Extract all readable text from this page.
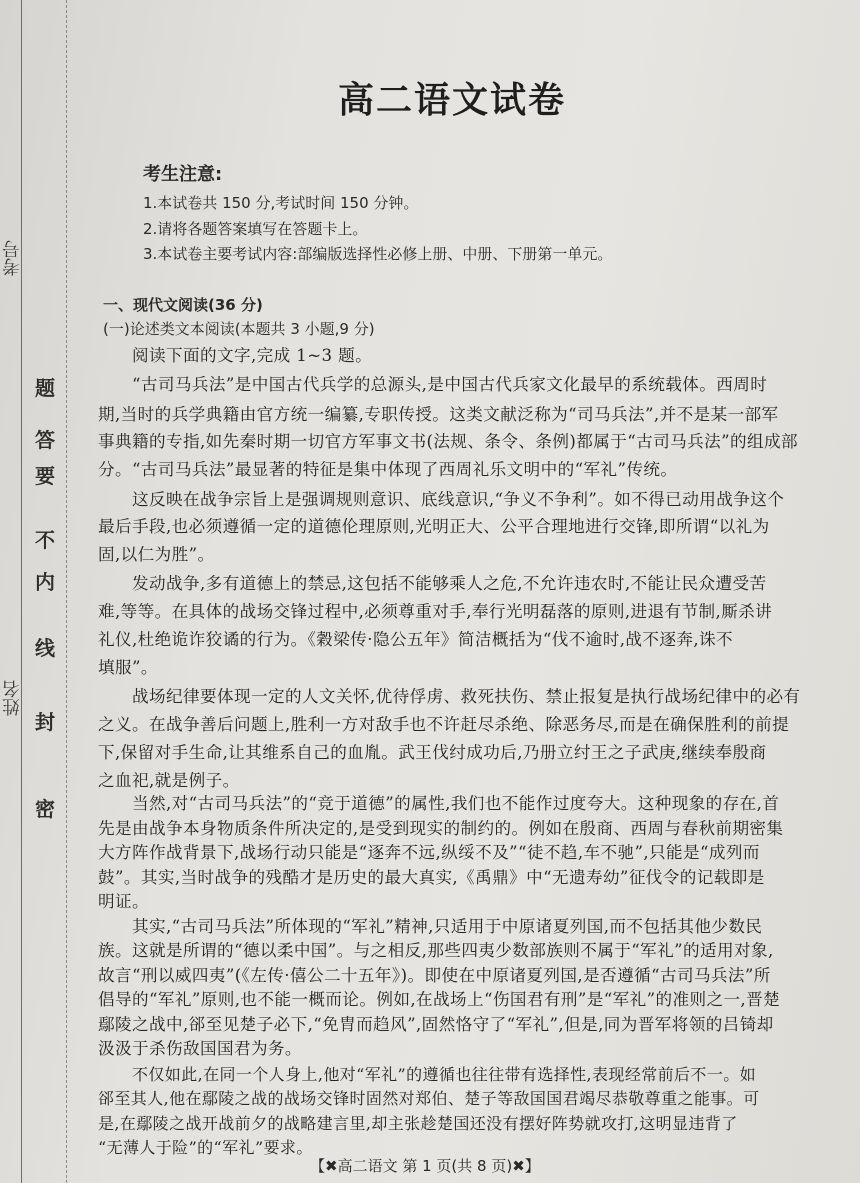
考号
姓名
密
封
线
内
不
要
答
题
高二语文试卷
考生注意:
1.本试卷共 150 分,考试时间 150 分钟。
2.请将各题答案填写在答题卡上。
3.本试卷主要考试内容:部编版选择性必修上册、中册、下册第一单元。
一、现代文阅读(36 分)
(一)论述类文本阅读(本题共 3 小题,9 分)
阅读下面的文字,完成 1~3 题。
“古司马兵法”是中国古代兵学的总源头,是中国古代兵家文化最早的系统载体。西周时
期,当时的兵学典籍由官方统一编纂,专职传授。这类文献泛称为“司马兵法”,并不是某一部军
事典籍的专指,如先秦时期一切官方军事文书(法规、条令、条例)都属于“古司马兵法”的组成部
分。“古司马兵法”最显著的特征是集中体现了西周礼乐文明中的“军礼”传统。
这反映在战争宗旨上是强调规则意识、底线意识,“争义不争利”。如不得已动用战争这个
最后手段,也必须遵循一定的道德伦理原则,光明正大、公平合理地进行交锋,即所谓“以礼为
固,以仁为胜”。
发动战争,多有道德上的禁忌,这包括不能够乘人之危,不允许违农时,不能让民众遭受苦
难,等等。在具体的战场交锋过程中,必须尊重对手,奉行光明磊落的原则,进退有节制,厮杀讲
礼仪,杜绝诡诈狡谲的行为。《穀梁传·隐公五年》简洁概括为“伐不逾时,战不逐奔,诛不
填服”。
战场纪律要体现一定的人文关怀,优待俘虏、救死扶伤、禁止报复是执行战场纪律中的必有
之义。在战争善后问题上,胜利一方对敌手也不许赶尽杀绝、除恶务尽,而是在确保胜利的前提
下,保留对手生命,让其维系自己的血胤。武王伐纣成功后,乃册立纣王之子武庚,继续奉殷商
之血祀,就是例子。
当然,对“古司马兵法”的“竞于道德”的属性,我们也不能作过度夸大。这种现象的存在,首
先是由战争本身物质条件所决定的,是受到现实的制约的。例如在殷商、西周与春秋前期密集
大方阵作战背景下,战场行动只能是“逐奔不远,纵绥不及”“徒不趋,车不驰”,只能是“成列而
鼓”。其实,当时战争的残酷才是历史的最大真实,《禹鼎》中“无遗寿幼”征伐令的记载即是
明证。
其实,“古司马兵法”所体现的“军礼”精神,只适用于中原诸夏列国,而不包括其他少数民
族。这就是所谓的“德以柔中国”。与之相反,那些四夷少数部族则不属于“军礼”的适用对象,
故言“刑以威四夷”(《左传·僖公二十五年》)。即使在中原诸夏列国,是否遵循“古司马兵法”所
倡导的“军礼”原则,也不能一概而论。例如,在战场上“伤国君有刑”是“军礼”的准则之一,晋楚
鄢陵之战中,郤至见楚子必下,“免胄而趋风”,固然恪守了“军礼”,但是,同为晋军将领的吕锜却
汲汲于杀伤敌国国君为务。
【✖高二语文 第 1 页(共 8 页)✖】
不仅如此,在同一个人身上,他对“军礼”的遵循也往往带有选择性,表现经常前后不一。如
郤至其人,他在鄢陵之战的战场交锋时固然对郑伯、楚子等敌国国君竭尽恭敬尊重之能事。可
是,在鄢陵之战开战前夕的战略建言里,却主张趁楚国还没有摆好阵势就攻打,这明显违背了
“无薄人于险”的“军礼”要求。
